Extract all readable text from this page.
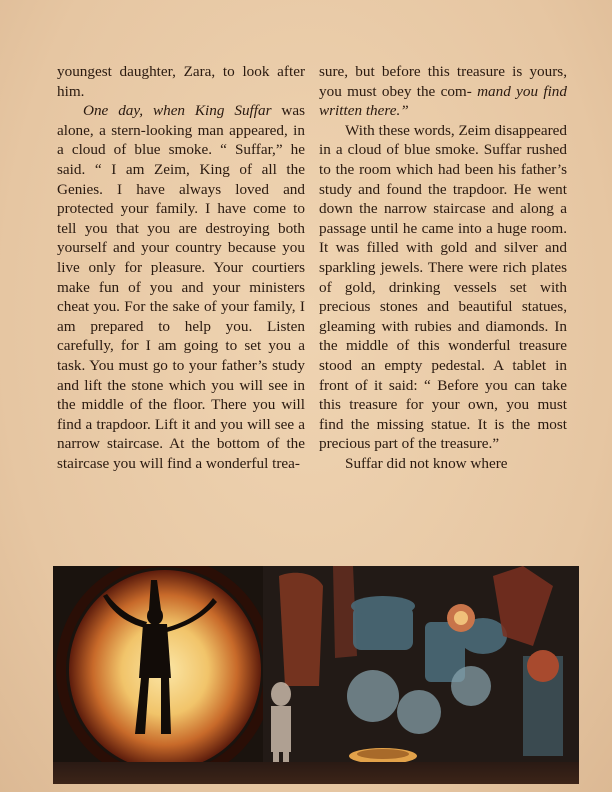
youngest daughter, Zara, to look after him.

One day, when King Suffar was alone, a stern-looking man appeared, in a cloud of blue smoke. “ Suffar,” he said. “ I am Zeim, King of all the Genies. I have always loved and protected your family. I have come to tell you that you are destroying both yourself and your country because you live only for pleasure. Your courtiers make fun of you and your ministers cheat you. For the sake of your family, I am prepared to help you. Listen carefully, for I am going to set you a task. You must go to your father’s study and lift the stone which you will see in the middle of the floor. There you will find a trapdoor. Lift it and you will see a narrow staircase. At the bottom of the staircase you will find a wonderful trea-

sure, but before this treasure is yours, you must obey the com- mand you find written there.”

With these words, Zeim disappeared in a cloud of blue smoke. Suffar rushed to the room which had been his father’s study and found the trapdoor. He went down the narrow staircase and along a passage until he came into a huge room. It was filled with gold and silver and sparkling jewels. There were rich plates of gold, drinking vessels set with precious stones and beautiful statues, gleaming with rubies and diamonds. In the middle of this wonderful treasure stood an empty pedestal. A tablet in front of it said: “ Before you can take this treasure for your own, you must find the missing statue. It is the most precious part of the treasure.”

Suffar did not know where
